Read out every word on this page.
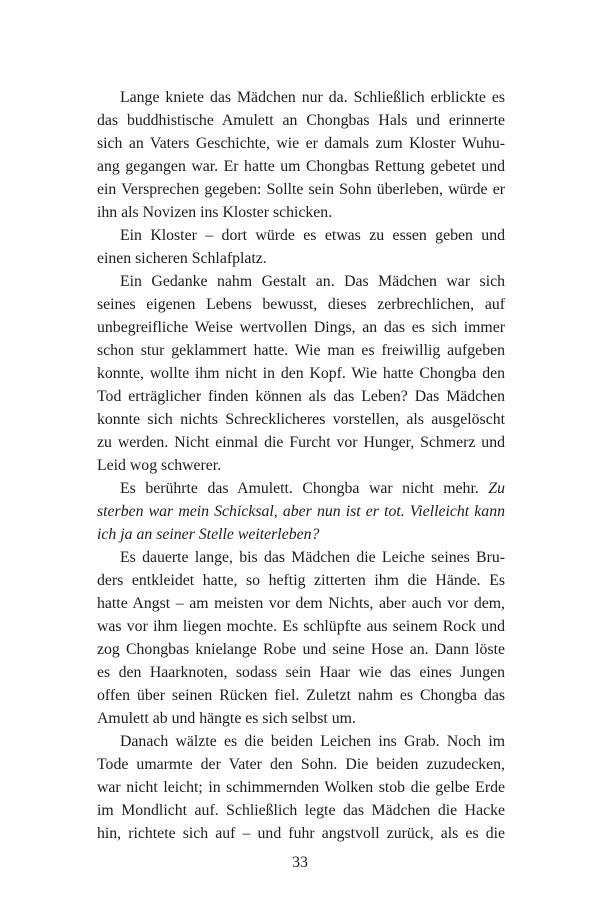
Lange kniete das Mädchen nur da. Schließlich erblickte es
das buddhistische Amulett an Chongbas Hals und erinnerte
sich an Vaters Geschichte, wie er damals zum Kloster Wuhu-
ang gegangen war. Er hatte um Chongbas Rettung gebetet und
ein Versprechen gegeben: Sollte sein Sohn überleben, würde er
ihn als Novizen ins Kloster schicken.
Ein Kloster – dort würde es etwas zu essen geben und
einen sicheren Schlafplatz.
Ein Gedanke nahm Gestalt an. Das Mädchen war sich
seines eigenen Lebens bewusst, dieses zerbrechlichen, auf
unbegreifliche Weise wertvollen Dings, an das es sich immer
schon stur geklammert hatte. Wie man es freiwillig aufgeben
konnte, wollte ihm nicht in den Kopf. Wie hatte Chongba den
Tod erträglicher finden können als das Leben? Das Mädchen
konnte sich nichts Schrecklicheres vorstellen, als ausgelöscht
zu werden. Nicht einmal die Furcht vor Hunger, Schmerz und
Leid wog schwerer.
Es berührte das Amulett. Chongba war nicht mehr. Zu
sterben war mein Schicksal, aber nun ist er tot. Vielleicht kann
ich ja an seiner Stelle weiterleben?
Es dauerte lange, bis das Mädchen die Leiche seines Bru-
ders entkleidet hatte, so heftig zitterten ihm die Hände. Es
hatte Angst – am meisten vor dem Nichts, aber auch vor dem,
was vor ihm liegen mochte. Es schlüpfte aus seinem Rock und
zog Chongbas knielange Robe und seine Hose an. Dann löste
es den Haarknoten, sodass sein Haar wie das eines Jungen
offen über seinen Rücken fiel. Zuletzt nahm es Chongba das
Amulett ab und hängte es sich selbst um.
Danach wälzte es die beiden Leichen ins Grab. Noch im
Tode umarmte der Vater den Sohn. Die beiden zuzudecken,
war nicht leicht; in schimmernden Wolken stob die gelbe Erde
im Mondlicht auf. Schließlich legte das Mädchen die Hacke
hin, richtete sich auf – und fuhr angstvoll zurück, als es die
33
